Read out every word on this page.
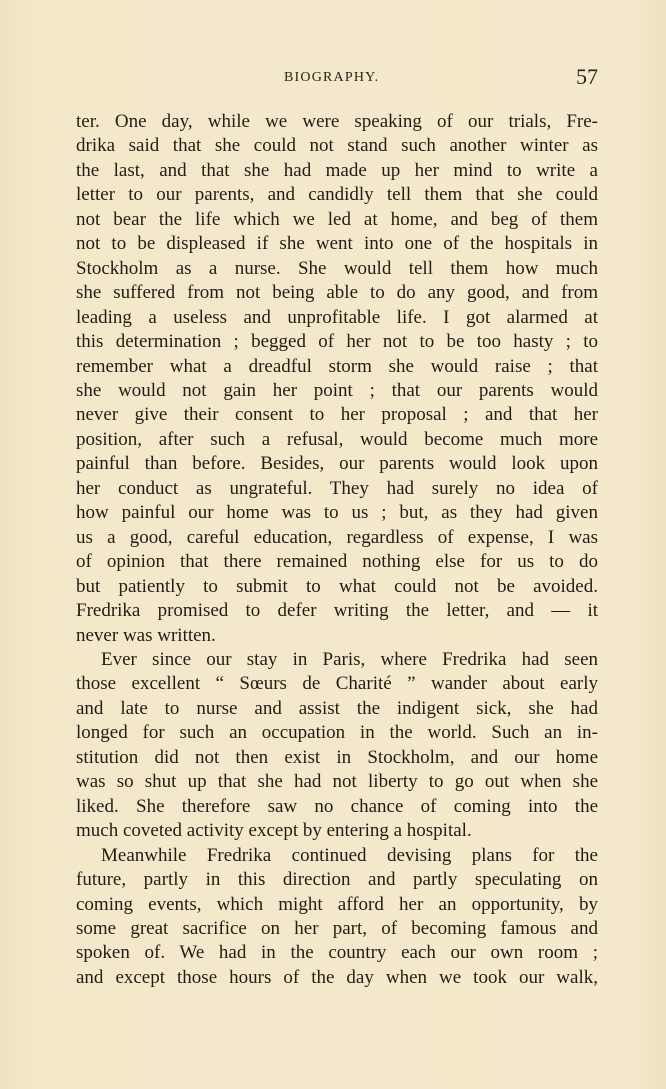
BIOGRAPHY.	57

ter. One day, while we were speaking of our trials, Fre-
drika said that she could not stand such another winter as
the last, and that she had made up her mind to write a
letter to our parents, and candidly tell them that she could
not bear the life which we led at home, and beg of them
not to be displeased if she went into one of the hospitals in
Stockholm as a nurse. She would tell them how much
she suffered from not being able to do any good, and from
leading a useless and unprofitable life. I got alarmed at
this determination ; begged of her not to be too hasty ; to
remember what a dreadful storm she would raise ; that
she would not gain her point ; that our parents would
never give their consent to her proposal ; and that her
position, after such a refusal, would become much more
painful than before. Besides, our parents would look upon
her conduct as ungrateful. They had surely no idea of
how painful our home was to us ; but, as they had given
us a good, careful education, regardless of expense, I was
of opinion that there remained nothing else for us to do
but patiently to submit to what could not be avoided.
Fredrika promised to defer writing the letter, and — it
never was written.

Ever since our stay in Paris, where Fredrika had seen
those excellent “ Sœurs de Charité ” wander about early
and late to nurse and assist the indigent sick, she had
longed for such an occupation in the world. Such an in-
stitution did not then exist in Stockholm, and our home
was so shut up that she had not liberty to go out when she
liked. She therefore saw no chance of coming into the
much coveted activity except by entering a hospital.

Meanwhile Fredrika continued devising plans for the
future, partly in this direction and partly speculating on
coming events, which might afford her an opportunity, by
some great sacrifice on her part, of becoming famous and
spoken of. We had in the country each our own room ;
and except those hours of the day when we took our walk,
